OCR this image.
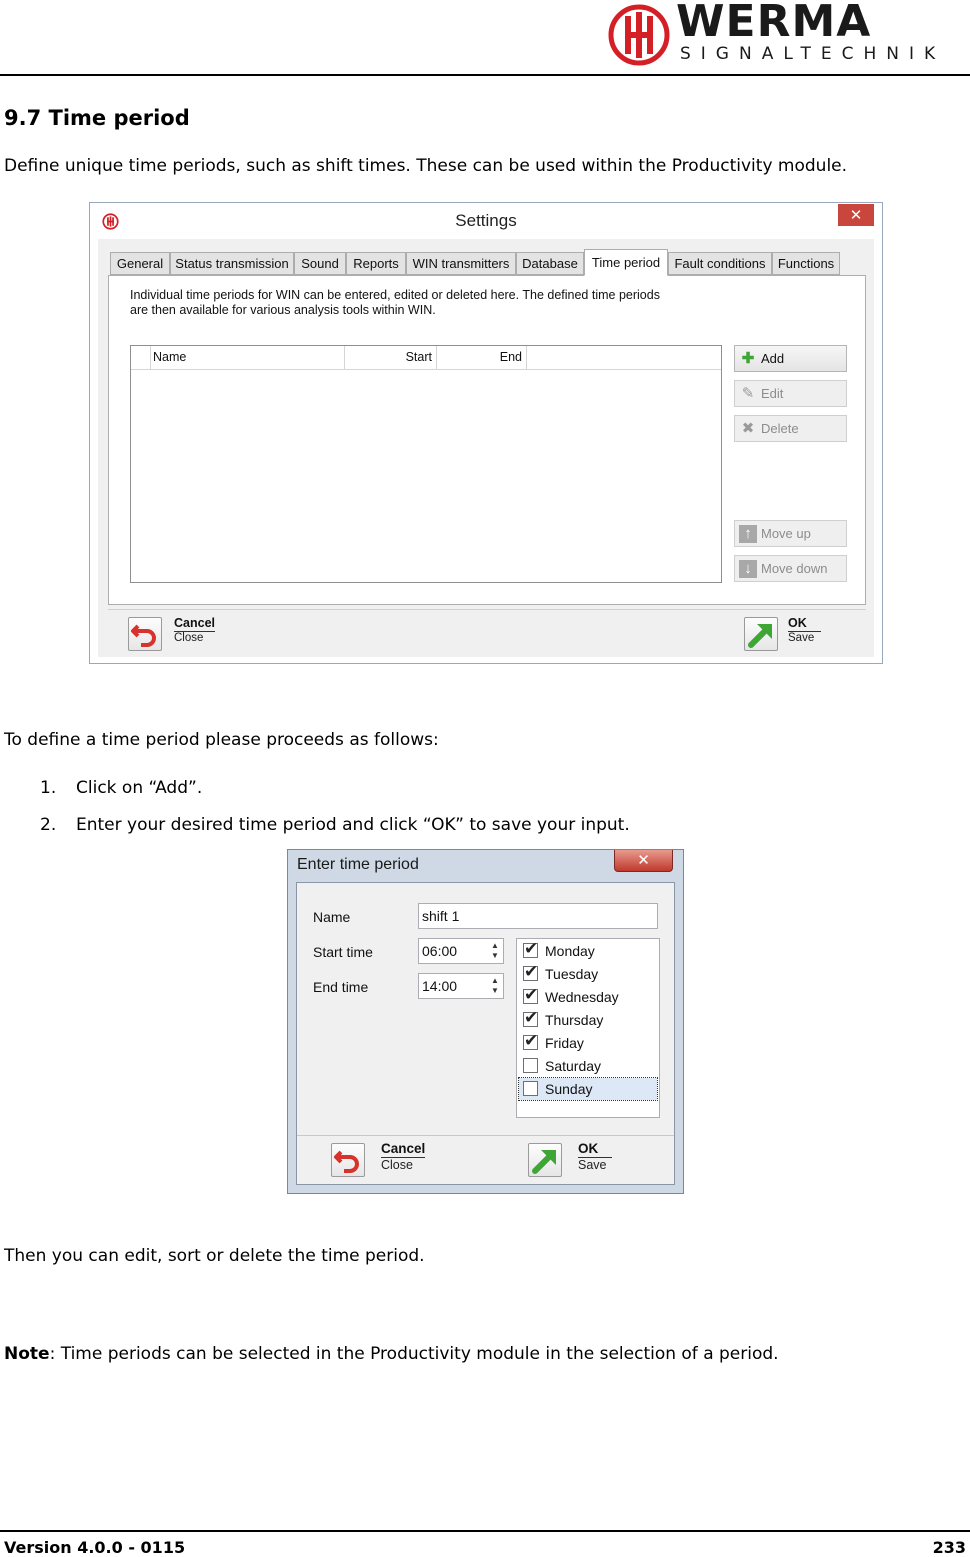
WERMA
SIGNALTECHNIK
9.7 Time period
Define unique time periods, such as shift times. These can be used within the Productivity module.
Settings	✕
General Status transmission Sound	Reports	WIN transmitters Database	Time period	Fault conditions Functions
Individual time periods for WIN can be entered, edited or deleted here. The defined time periods
are then available for various analysis tools within WIN.
Name	Start	End	✚ Add
✎ Edit
✖ Delete
↑ Move up
↓ Move down
Cancel
Close
OK
Save
To define a time period please proceeds as follows:
1. Click on “Add”.
2. Enter your desired time period and click “OK” to save your input.
Enter time period	✕
Name	shift 1
Start time	06:00	▲
▼
End time	14:00	▲
▼
✔ Monday
✔ Tuesday
✔ Wednesday
✔ Thursday
✔ Friday
Saturday
Sunday
Cancel
Close
OK
Save
Then you can edit, sort or delete the time period.
Note: Time periods can be selected in the Productivity module in the selection of a period.
Version 4.0.0 - 0115	233
